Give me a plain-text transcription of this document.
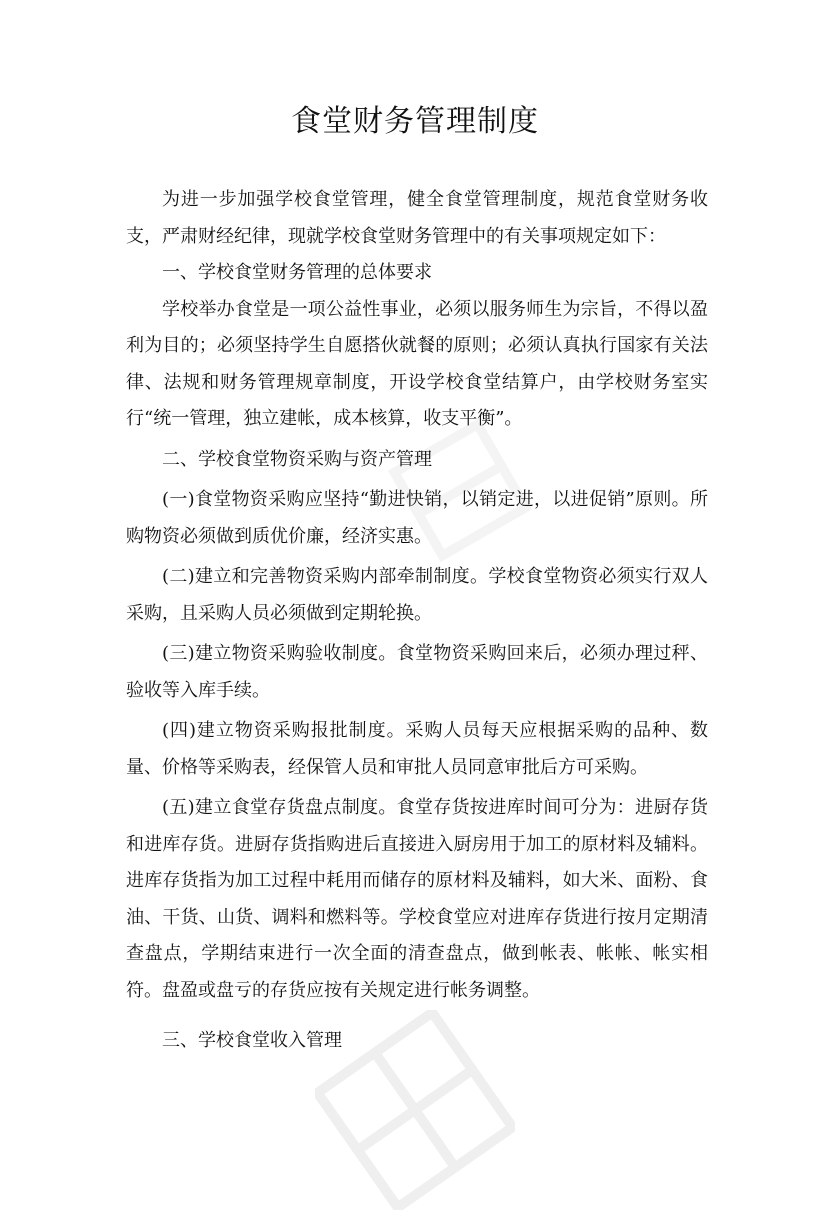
食堂财务管理制度

为进一步加强学校食堂管理，健全食堂管理制度，规范食堂财务收支，严肃财经纪律，现就学校食堂财务管理中的有关事项规定如下：

一、学校食堂财务管理的总体要求

学校举办食堂是一项公益性事业，必须以服务师生为宗旨，不得以盈利为目的；必须坚持学生自愿搭伙就餐的原则；必须认真执行国家有关法律、法规和财务管理规章制度，开设学校食堂结算户，由学校财务室实行“统一管理，独立建帐，成本核算，收支平衡”。

二、学校食堂物资采购与资产管理

(一)食堂物资采购应坚持“勤进快销，以销定进，以进促销”原则。所购物资必须做到质优价廉，经济实惠。

(二)建立和完善物资采购内部牵制制度。学校食堂物资必须实行双人采购，且采购人员必须做到定期轮换。

(三)建立物资采购验收制度。食堂物资采购回来后，必须办理过秤、验收等入库手续。

(四)建立物资采购报批制度。采购人员每天应根据采购的品种、数量、价格等采购表，经保管人员和审批人员同意审批后方可采购。

(五)建立食堂存货盘点制度。食堂存货按进库时间可分为：进厨存货和进库存货。进厨存货指购进后直接进入厨房用于加工的原材料及辅料。进库存货指为加工过程中耗用而储存的原材料及辅料，如大米、面粉、食油、干货、山货、调料和燃料等。学校食堂应对进库存货进行按月定期清查盘点，学期结束进行一次全面的清查盘点，做到帐表、帐帐、帐实相符。盘盈或盘亏的存货应按有关规定进行帐务调整。

三、学校食堂收入管理
